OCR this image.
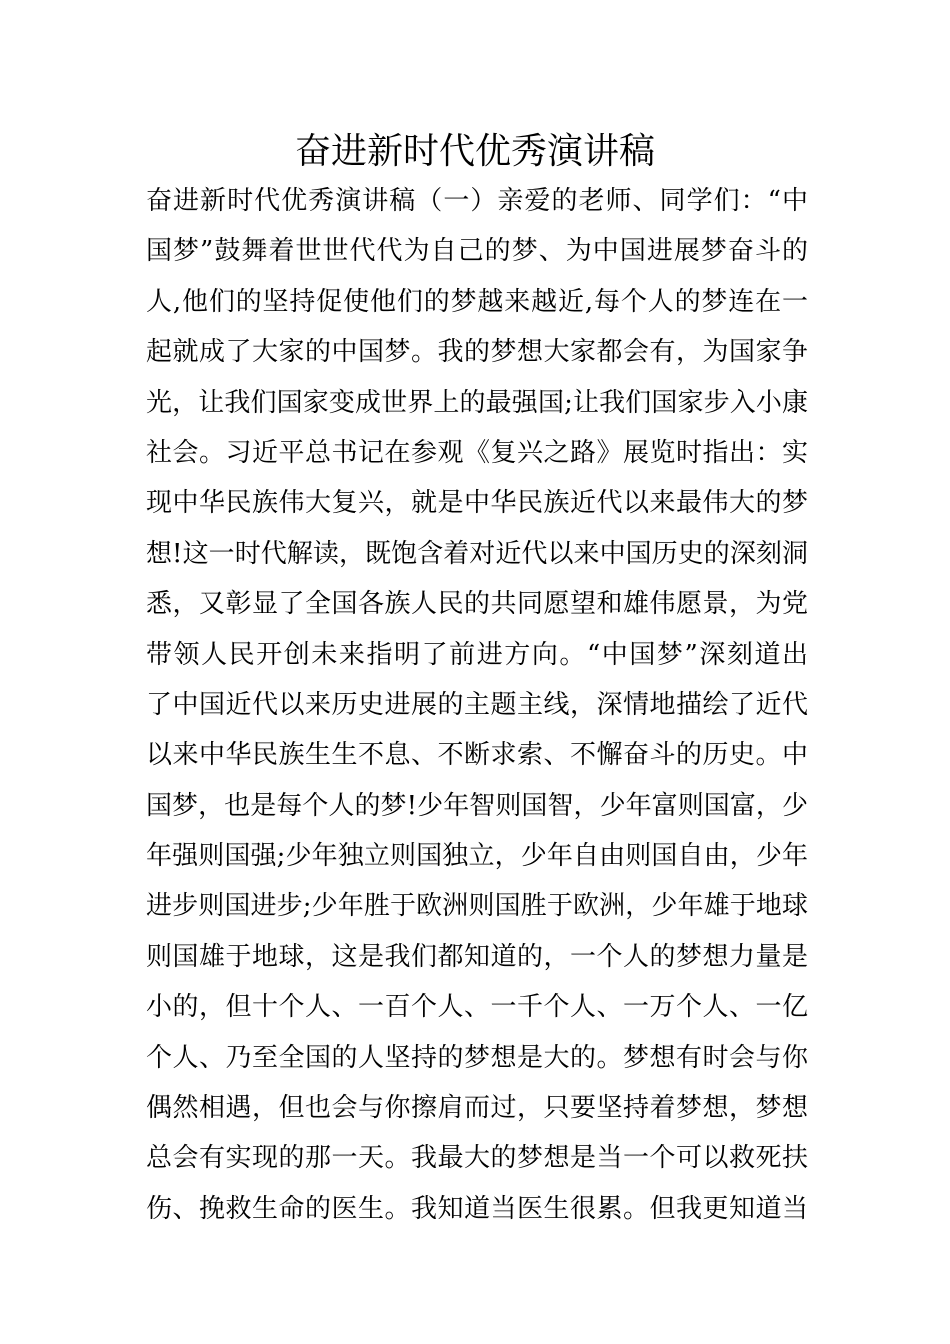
奋进新时代优秀演讲稿
奋进新时代优秀演讲稿（一）亲爱的老师、同学们：“中
国梦”鼓舞着世世代代为自己的梦、为中国进展梦奋斗的
人,他们的坚持促使他们的梦越来越近,每个人的梦连在一
起就成了大家的中国梦。我的梦想大家都会有，为国家争
光，让我们国家变成世界上的最强国;让我们国家步入小康
社会。习近平总书记在参观《复兴之路》展览时指出：实
现中华民族伟大复兴，就是中华民族近代以来最伟大的梦
想!这一时代解读，既饱含着对近代以来中国历史的深刻洞
悉，又彰显了全国各族人民的共同愿望和雄伟愿景，为党
带领人民开创未来指明了前进方向。“中国梦”深刻道出
了中国近代以来历史进展的主题主线，深情地描绘了近代
以来中华民族生生不息、不断求索、不懈奋斗的历史。中
国梦，也是每个人的梦!少年智则国智，少年富则国富，少
年强则国强;少年独立则国独立，少年自由则国自由，少年
进步则国进步;少年胜于欧洲则国胜于欧洲，少年雄于地球
则国雄于地球，这是我们都知道的，一个人的梦想力量是
小的，但十个人、一百个人、一千个人、一万个人、一亿
个人、乃至全国的人坚持的梦想是大的。梦想有时会与你
偶然相遇，但也会与你擦肩而过，只要坚持着梦想，梦想
总会有实现的那一天。我最大的梦想是当一个可以救死扶
伤、挽救生命的医生。我知道当医生很累。但我更知道当
